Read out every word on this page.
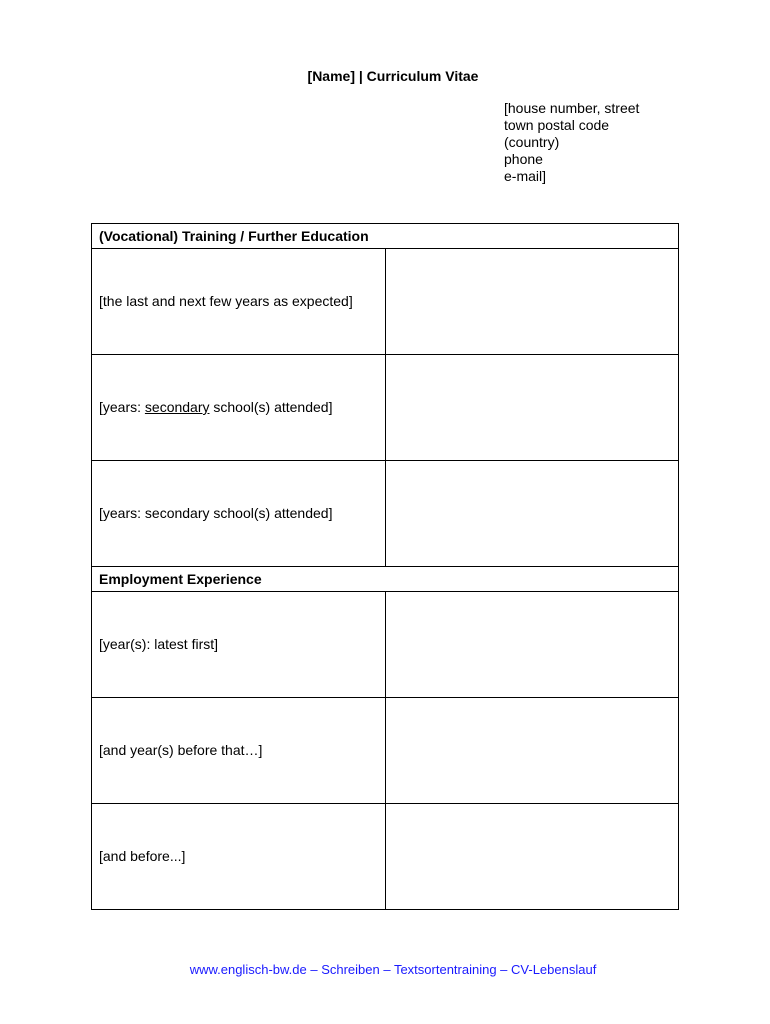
[Name] | Curriculum Vitae
[house number, street
town postal code
(country)
phone
e-mail]
(Vocational) Training / Further Education	
[the last and next few years as expected]	
[years: secondary school(s) attended]	
[years: secondary school(s) attended]	
Employment Experience	
[year(s): latest first]	
[and year(s) before that…]	
[and before...]	
www.englisch-bw.de – Schreiben – Textsortentraining – CV-Lebenslauf
